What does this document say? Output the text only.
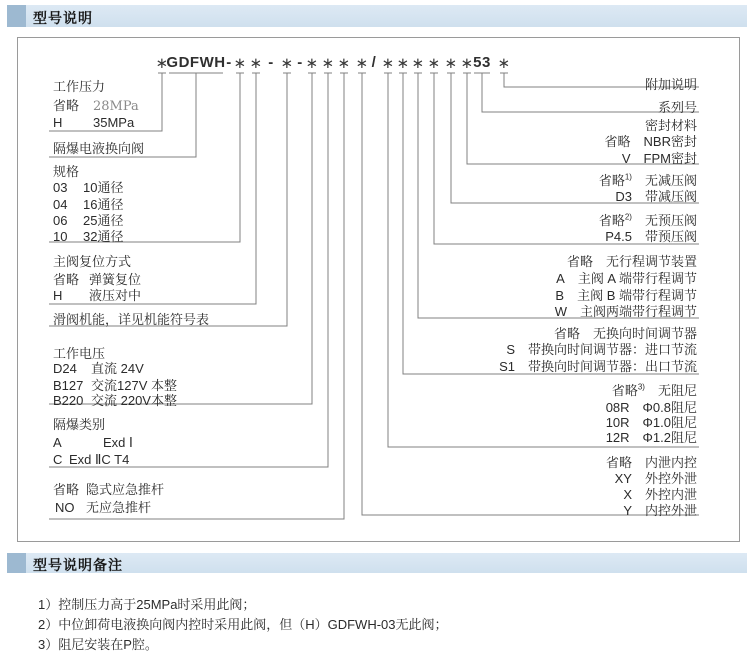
型号说明
∗
GDFWH - ∗ ∗ - ∗ - ∗ ∗ ∗ ∗ / ∗ ∗ ∗ ∗ ∗ ∗ 53 ∗
工作压力
省略 28MPa
H 35MPa
隔爆电液换向阀
规格
03 10通径
04 16通径
06 25通径
10 32通径
主阀复位方式
省略 弹簧复位
H 液压对中
滑阀机能，详见机能符号表
工作电压
D24 直流 24V
B127 交流127V 本整
B220 交流 220V本整
隔爆类别
A	Exd Ⅰ
C Exd ⅡC T4
省略 隐式应急推杆
NO 无应急推杆
附加说明
系列号
密封材料
省略 NBR密封
V FPM密封
省略$^{1)}$ 无减压阀
D3 带减压阀
省略$^{2)}$ 无预压阀
P4.5 带预压阀
省略 无行程调节装置
A 主阀 A 端带行程调节
B 主阀 B 端带行程调节
W 主阀两端带行程调节
省略 无换向时间调节器
S 带换向时间调节器：进口节流
S1 带换向时间调节器：出口节流
省略$^{3)}$ 无阻尼
08R Φ0.8阻尼
10R Φ1.0阻尼
12R Φ1.2阻尼
省略 内泄内控
XY 外控外泄
X 外控内泄
Y 内控外泄
型号说明备注
1）控制压力高于25MPa时采用此阀；
2）中位卸荷电液换向阀内控时采用此阀，但（H）GDFWH-03无此阀；
3）阻尼安装在P腔。
